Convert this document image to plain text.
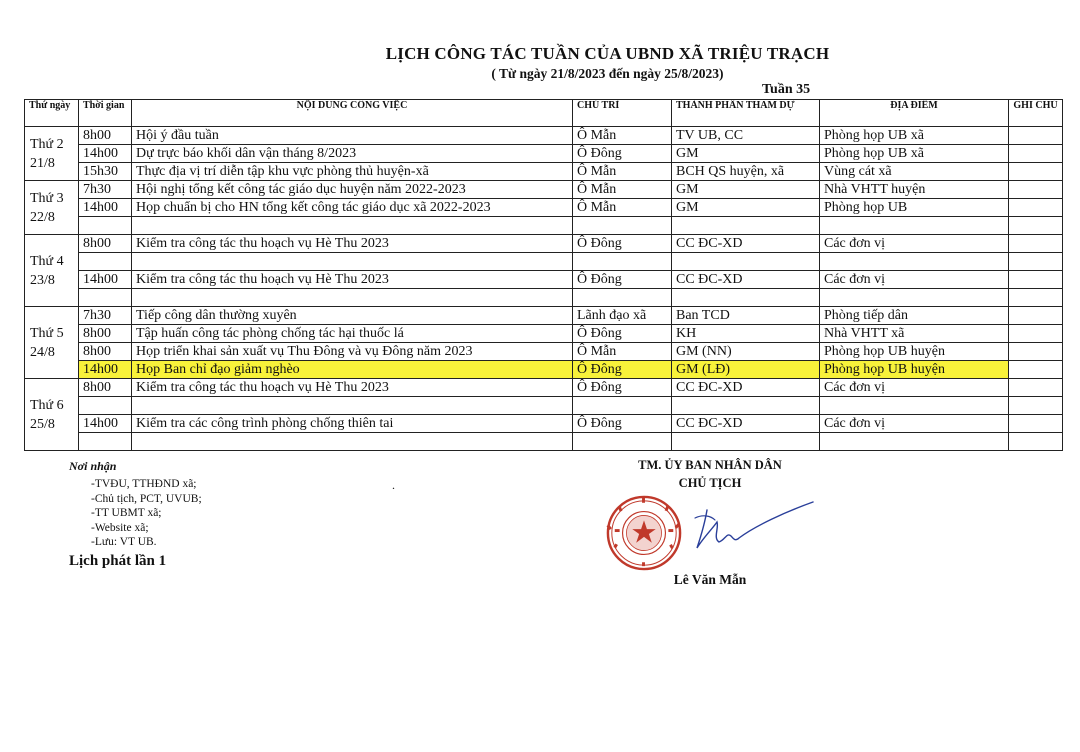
LỊCH CÔNG TÁC TUẦN CỦA UBND XÃ TRIỆU TRẠCH
( Từ ngày 21/8/2023 đến ngày 25/8/2023)
Tuần 35
Thứ ngày	Thời gian	NỘI DUNG CÔNG VIỆC	CHỦ TRÌ	THÀNH PHẦN THAM DỰ	ĐỊA ĐIỂM	GHI CHÚ
Thứ 2 21/8	8h00	Hội ý đầu tuần	Ô Mẫn	TV UB, CC	Phòng họp UB xã	
	14h00	Dự trực báo khối dân vận tháng 8/2023	Ô Đông	GM	Phòng họp UB xã	
	15h30	Thực địa vị trí diễn tập khu vực phòng thủ huyện-xã	Ô Mẫn	BCH QS huyện, xã	Vùng cát xã	
Thứ 3 22/8	7h30	Hội nghị tổng kết công tác giáo dục huyện năm 2022-2023	Ô Mẫn	GM	Nhà VHTT huyện	
	14h00	Họp chuẩn bị cho HN tổng kết công tác giáo dục xã 2022-2023	Ô Mẫn	GM	Phòng họp UB	

Thứ 4 23/8	8h00	Kiểm tra công tác thu hoạch vụ Hè Thu 2023	Ô Đông	CC ĐC-XD	Các đơn vị	

	14h00	Kiểm tra công tác thu hoạch vụ Hè Thu 2023	Ô Đông	CC ĐC-XD	Các đơn vị	

Thứ 5 24/8	7h30	Tiếp công dân thường xuyên	Lãnh đạo xã	Ban TCD	Phòng tiếp dân	
	8h00	Tập huấn công tác phòng chống tác hại thuốc lá	Ô Đông	KH	Nhà VHTT xã	
	8h00	Họp triển khai sản xuất vụ Thu Đông và vụ Đông năm 2023	Ô Mẫn	GM (NN)	Phòng họp UB huyện	
	14h00	Họp Ban chỉ đạo giảm nghèo	Ô Đông	GM (LĐ)	Phòng họp UB huyện	
Thứ 6 25/8	8h00	Kiểm tra công tác thu hoạch vụ Hè Thu 2023	Ô Đông	CC ĐC-XD	Các đơn vị	

	14h00	Kiểm tra các công trình phòng chống thiên tai	Ô Đông	CC ĐC-XD	Các đơn vị	

Nơi nhận
-TVĐU, TTHĐND xã;
-Chủ tịch, PCT, UVUB;
-TT UBMT xã;
-Website xã;
-Lưu: VT UB.
.
Lịch phát lần 1
TM. ỦY BAN NHÂN DÂN
CHỦ TỊCH
Lê Văn Mẫn
